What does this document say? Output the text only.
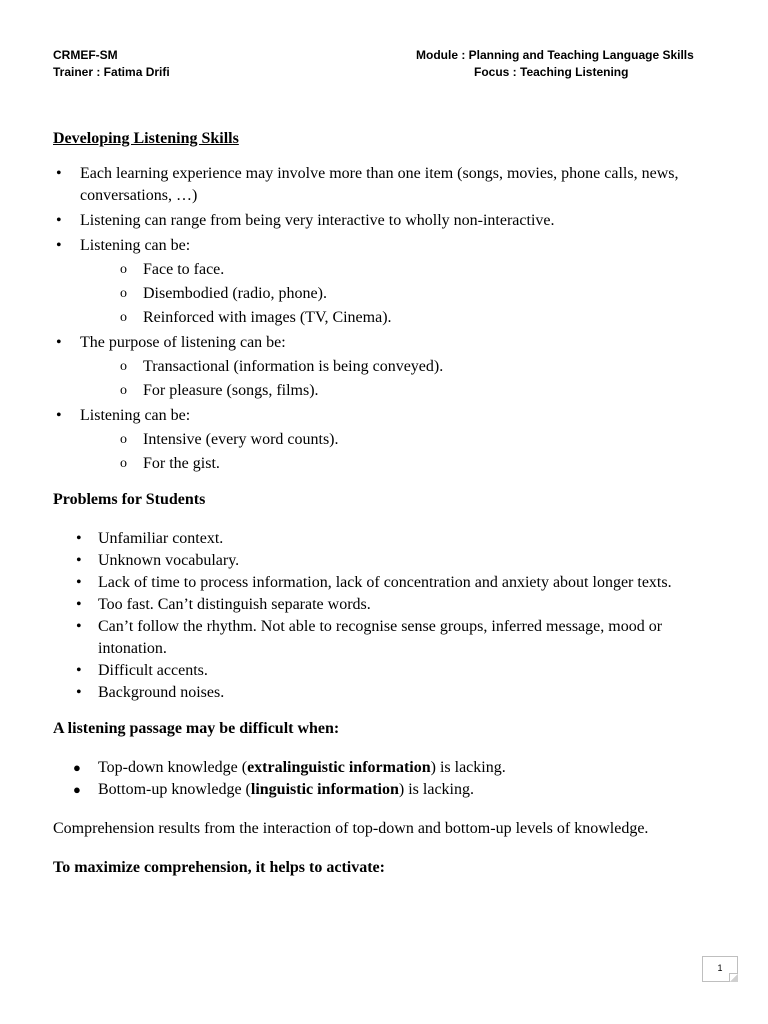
CRMEF-SM
Trainer : Fatima Drifi
Module : Planning and Teaching Language Skills
Focus : Teaching Listening

Developing Listening Skills

• Each learning experience may involve more than one item (songs, movies, phone calls, news, conversations, …)
• Listening can range from being very interactive to wholly non-interactive.
• Listening can be:
o Face to face.
o Disembodied (radio, phone).
o Reinforced with images (TV, Cinema).
• The purpose of listening can be:
o Transactional (information is being conveyed).
o For pleasure (songs, films).
• Listening can be:
o Intensive (every word counts).
o For the gist.

Problems for Students

• Unfamiliar context.
• Unknown vocabulary.
• Lack of time to process information, lack of concentration and anxiety about longer texts.
• Too fast. Can’t distinguish separate words.
• Can’t follow the rhythm. Not able to recognise sense groups, inferred message, mood or intonation.
• Difficult accents.
• Background noises.

A listening passage may be difficult when:

● Top-down knowledge (extralinguistic information) is lacking.
● Bottom-up knowledge (linguistic information) is lacking.

Comprehension results from the interaction of top-down and bottom-up levels of knowledge.

To maximize comprehension, it helps to activate:

1
